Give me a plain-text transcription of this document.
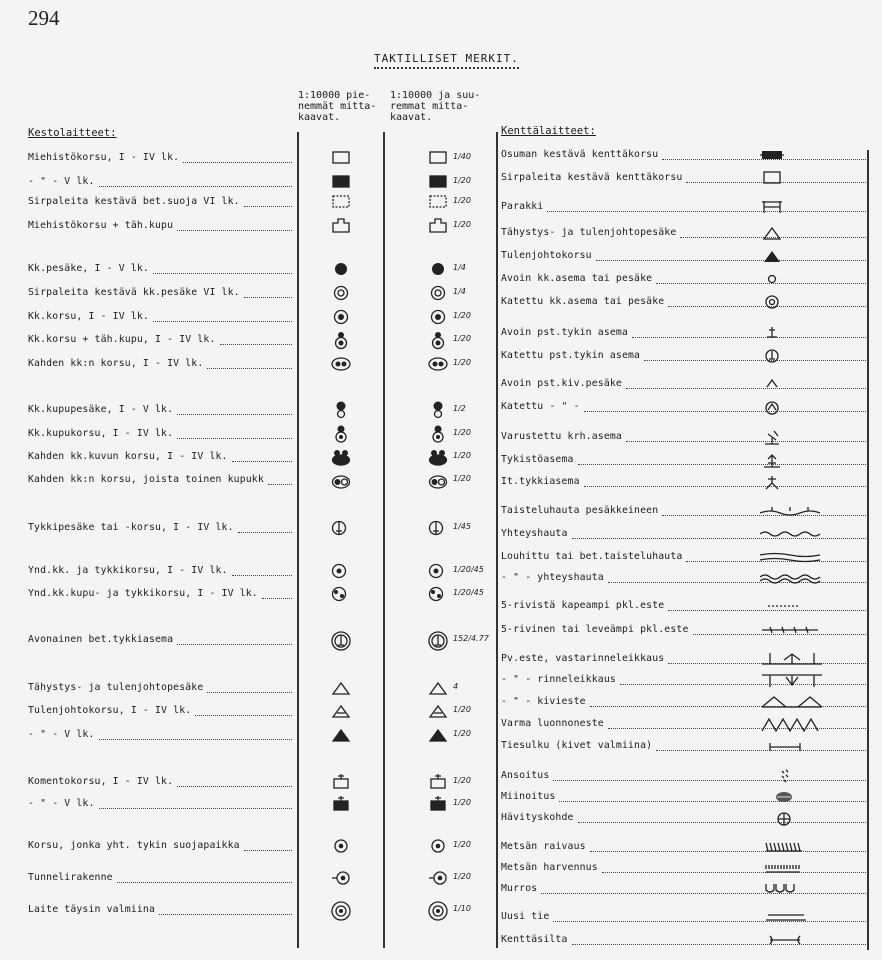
294
TAKTILLISET MERKIT.
1:10000 pie-
nemmät mitta-
kaavat.
1:10000 ja suu-
remmat mitta-
kaavat.
Kestolaitteet:	Kenttälaitteet:
Miehistökorsu, I - IV lk.	1/40
- " - V lk.	1/20
Sirpaleita kestävä bet.suoja VI lk.	1/20
Miehistökorsu + täh.kupu	1/20
Kk.pesäke, I - V lk.	1/4
Sirpaleita kestävä kk.pesäke VI lk.	1/4
Kk.korsu, I - IV lk.	1/20
Kk.korsu + täh.kupu, I - IV lk.	1/20
Kahden kk:n korsu, I - IV lk.	1/20
Kk.kupupesäke, I - V lk.	1/2
Kk.kupukorsu, I - IV lk.	1/20
Kahden kk.kuvun korsu, I - IV lk.	1/20
Kahden kk:n korsu, joista toinen kupukk	1/20
Tykkipesäke tai -korsu, I - IV lk.	1/45
Ynd.kk. ja tykkikorsu, I - IV lk.	1/20/45
Ynd.kk.kupu- ja tykkikorsu, I - IV lk.	1/20/45
Avonainen bet.tykkiasema	152/4.77
Tähystys- ja tulenjohtopesäke	4
Tulenjohtokorsu, I - IV lk.	1/20
- " - V lk.	1/20
Komentokorsu, I - IV lk.	1/20
- " - V lk.	1/20
Korsu, jonka yht. tykin suojapaikka	1/20
Tunnelirakenne	1/20
Laite täysin valmiina	1/10
Osuman kestävä kenttäkorsu
Sirpaleita kestävä kenttäkorsu
Parakki
Tähystys- ja tulenjohtopesäke
Tulenjohtokorsu
Avoin kk.asema tai pesäke
Katettu kk.asema tai pesäke
Avoin pst.tykin asema
Katettu pst.tykin asema
Avoin pst.kiv.pesäke
Katettu - " -
Varustettu krh.asema
Tykistöasema
It.tykkiasema
Taisteluhauta pesäkkeineen
Yhteyshauta
Louhittu tai bet.taisteluhauta
- " - yhteyshauta
5-rivistä kapeampi pkl.este
5-rivinen tai leveämpi pkl.este
Pv.este, vastarinneleikkaus
- " - rinneleikkaus
- " - kivieste
Varma luonnoneste
Tiesulku (kivet valmiina)
Ansoitus
Miinoitus
Hävityskohde
Metsän raivaus
Metsän harvennus
Murros
Uusi tie
Kenttäsilta
